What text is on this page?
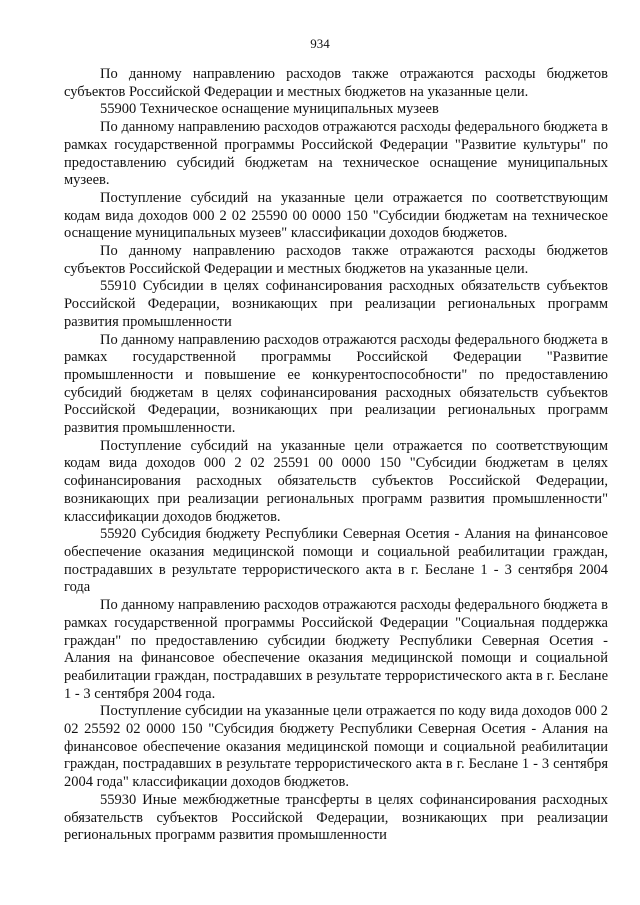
934

По данному направлению расходов также отражаются расходы бюджетов субъектов Российской Федерации и местных бюджетов на указанные цели.

55900 Техническое оснащение муниципальных музеев

По данному направлению расходов отражаются расходы федерального бюджета в рамках государственной программы Российской Федерации "Развитие культуры" по предоставлению субсидий бюджетам на техническое оснащение муниципальных музеев.

Поступление субсидий на указанные цели отражается по соответствующим кодам вида доходов 000 2 02 25590 00 0000 150 "Субсидии бюджетам на техническое оснащение муниципальных музеев" классификации доходов бюджетов.

По данному направлению расходов также отражаются расходы бюджетов субъектов Российской Федерации и местных бюджетов на указанные цели.

55910 Субсидии в целях софинансирования расходных обязательств субъектов Российской Федерации, возникающих при реализации региональных программ развития промышленности

По данному направлению расходов отражаются расходы федерального бюджета в рамках государственной программы Российской Федерации "Развитие промышленности и повышение ее конкурентоспособности" по предоставлению субсидий бюджетам в целях софинансирования расходных обязательств субъектов Российской Федерации, возникающих при реализации региональных программ развития промышленности.

Поступление субсидий на указанные цели отражается по соответствующим кодам вида доходов 000 2 02 25591 00 0000 150 "Субсидии бюджетам в целях софинансирования расходных обязательств субъектов Российской Федерации, возникающих при реализации региональных программ развития промышленности" классификации доходов бюджетов.

55920 Субсидия бюджету Республики Северная Осетия - Алания на финансовое обеспечение оказания медицинской помощи и социальной реабилитации граждан, пострадавших в результате террористического акта в г. Беслане 1 - 3 сентября 2004 года

По данному направлению расходов отражаются расходы федерального бюджета в рамках государственной программы Российской Федерации "Социальная поддержка граждан" по предоставлению субсидии бюджету Республики Северная Осетия - Алания на финансовое обеспечение оказания медицинской помощи и социальной реабилитации граждан, пострадавших в результате террористического акта в г. Беслане 1 - 3 сентября 2004 года.

Поступление субсидии на указанные цели отражается по коду вида доходов 000 2 02 25592 02 0000 150 "Субсидия бюджету Республики Северная Осетия - Алания на финансовое обеспечение оказания медицинской помощи и социальной реабилитации граждан, пострадавших в результате террористического акта в г. Беслане 1 - 3 сентября 2004 года" классификации доходов бюджетов.

55930 Иные межбюджетные трансферты в целях софинансирования расходных обязательств субъектов Российской Федерации, возникающих при реализации региональных программ развития промышленности
